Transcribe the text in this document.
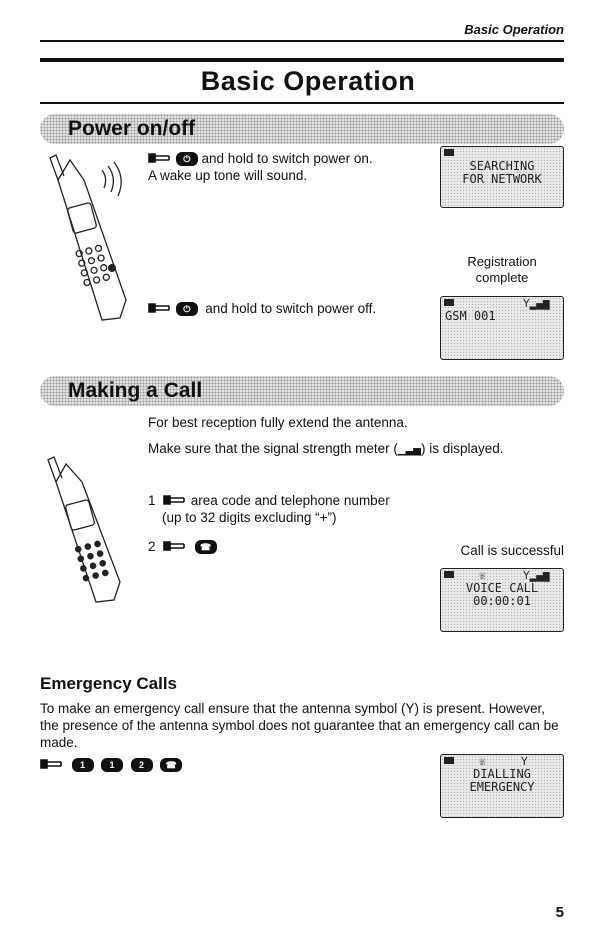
Basic Operation
Basic Operation
Power on/off
⏻ and hold to switch power on.
A wake up tone will sound.
SEARCHING
FOR NETWORK
Registration
complete
⏻ and hold to switch power off.	Y▂▄▆
GSM 001
Making a Call
For best reception fully extend the antenna.
Make sure that the signal strength meter (▁▃▅) is displayed.
1	area code and telephone number
(up to 32 digits excluding “+”)
2	☎	Call is successful
☏	Y▂▄▆
VOICE CALL
00:00:01
Emergency Calls
To make an emergency call ensure that the antenna symbol (Y) is present. However,
the presence of the antenna symbol does not guarantee that an emergency call can be
made.
1	1	2 ☎	☏	Y
DIALLING
EMERGENCY
5
